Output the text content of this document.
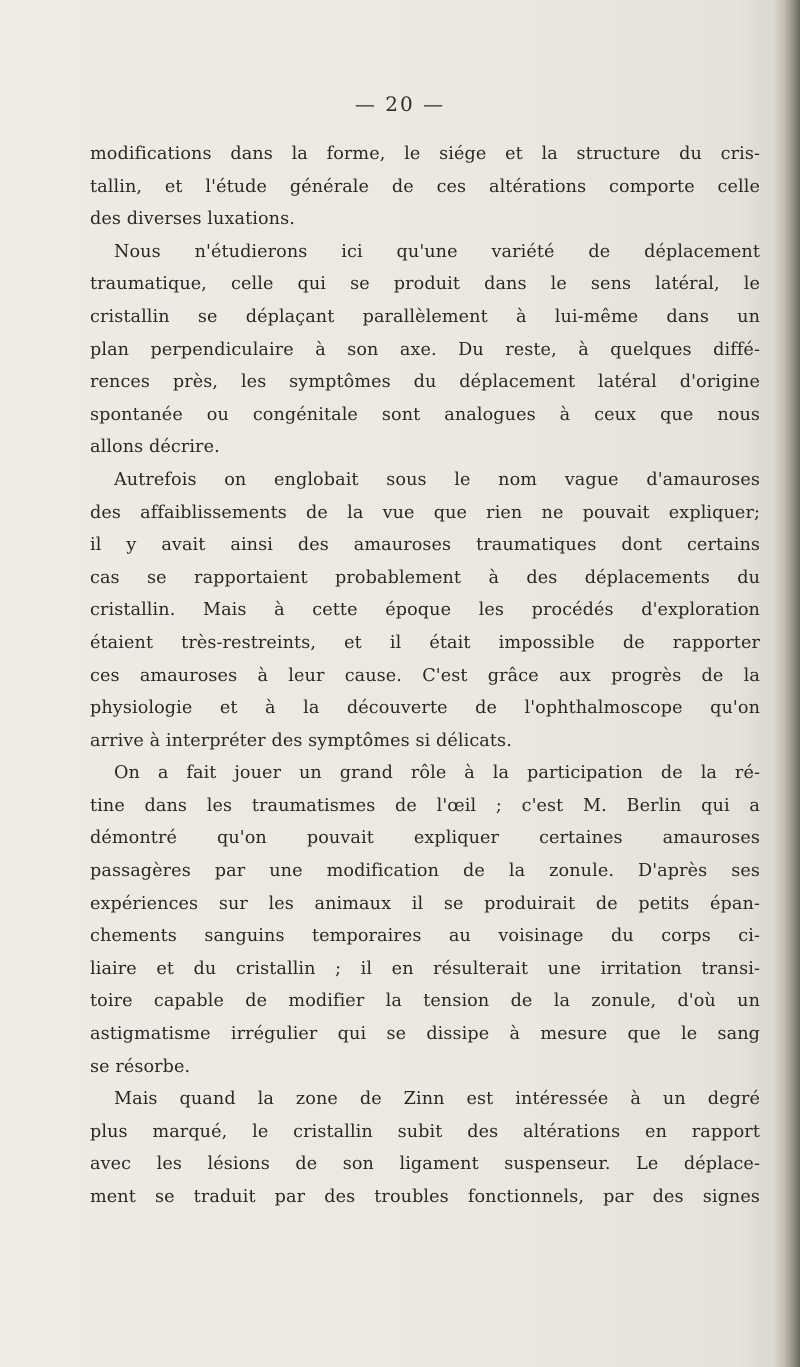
— 20 —
modifications dans la forme, le siége et la structure du cris-
tallin, et l'étude générale de ces altérations comporte celle
des diverses luxations.
Nous n'étudierons ici qu'une variété de déplacement
traumatique, celle qui se produit dans le sens latéral, le
cristallin se déplaçant parallèlement à lui-même dans un
plan perpendiculaire à son axe. Du reste, à quelques diffé-
rences près, les symptômes du déplacement latéral d'origine
spontanée ou congénitale sont analogues à ceux que nous
allons décrire.
Autrefois on englobait sous le nom vague d'amauroses
des affaiblissements de la vue que rien ne pouvait expliquer;
il y avait ainsi des amauroses traumatiques dont certains
cas se rapportaient probablement à des déplacements du
cristallin. Mais à cette époque les procédés d'exploration
étaient très-restreints, et il était impossible de rapporter
ces amauroses à leur cause. C'est grâce aux progrès de la
physiologie et à la découverte de l'ophthalmoscope qu'on
arrive à interpréter des symptômes si délicats.
On a fait jouer un grand rôle à la participation de la ré-
tine dans les traumatismes de l'œil ; c'est M. Berlin qui a
démontré qu'on pouvait expliquer certaines amauroses
passagères par une modification de la zonule. D'après ses
expériences sur les animaux il se produirait de petits épan-
chements sanguins temporaires au voisinage du corps ci-
liaire et du cristallin ; il en résulterait une irritation transi-
toire capable de modifier la tension de la zonule, d'où un
astigmatisme irrégulier qui se dissipe à mesure que le sang
se résorbe.
Mais quand la zone de Zinn est intéressée à un degré
plus marqué, le cristallin subit des altérations en rapport
avec les lésions de son ligament suspenseur. Le déplace-
ment se traduit par des troubles fonctionnels, par des signes
